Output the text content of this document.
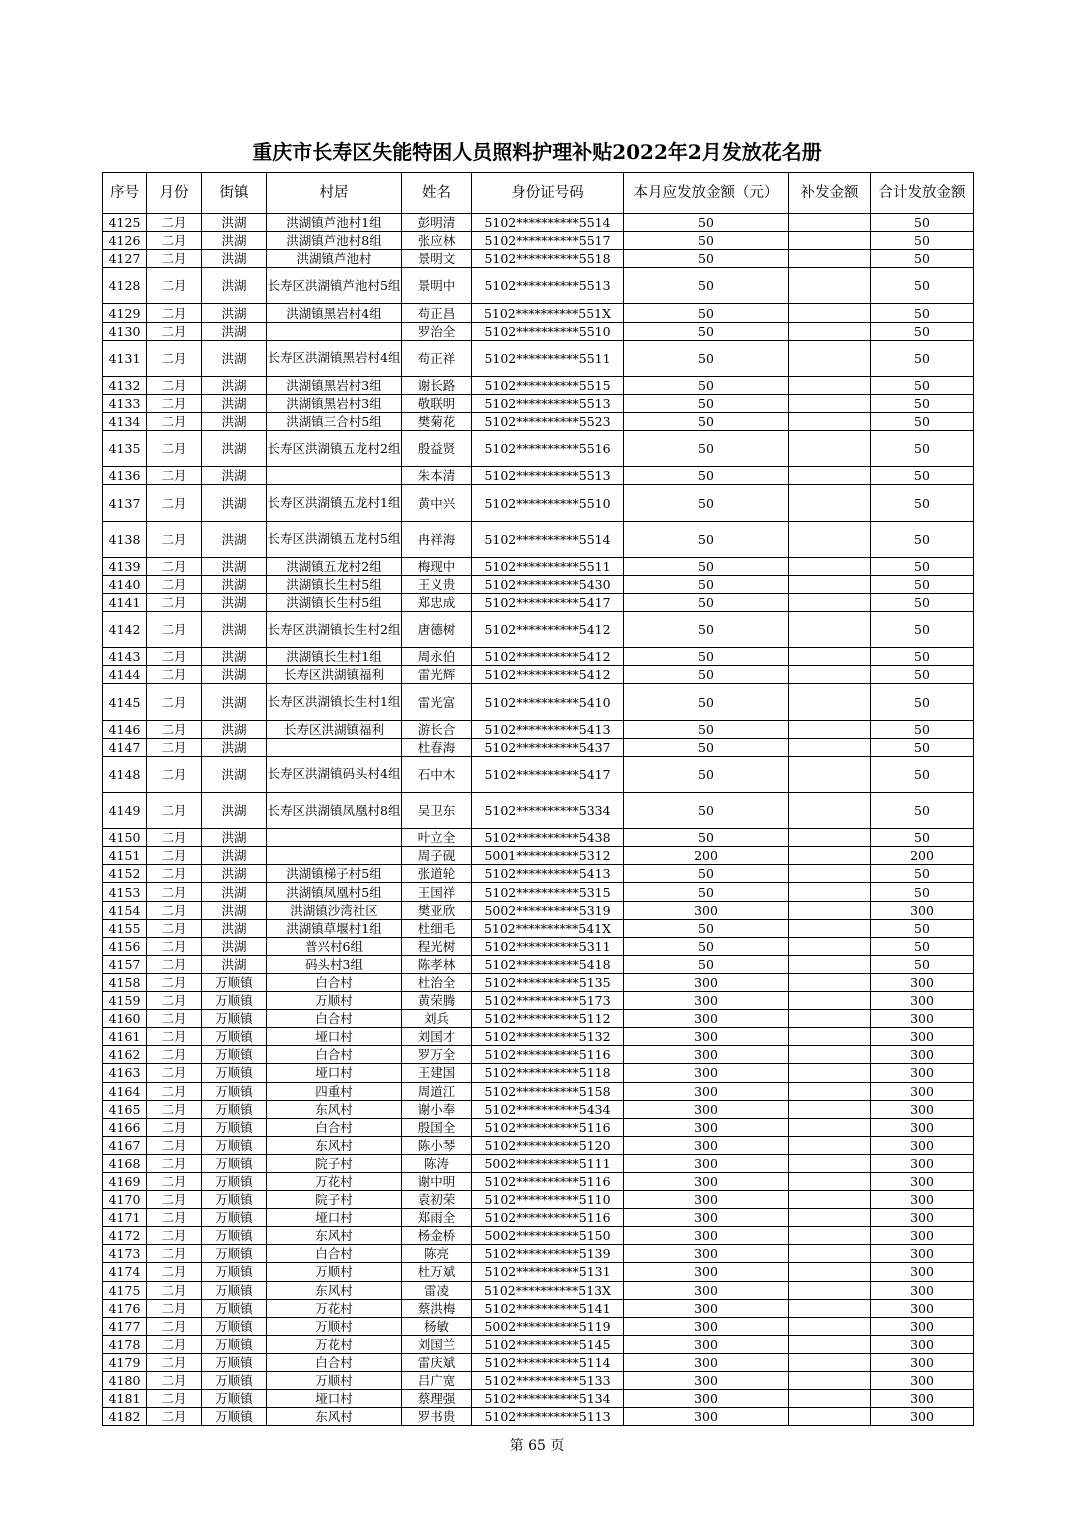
重庆市长寿区失能特困人员照料护理补贴2022年2月发放花名册
序号	月份	街镇	村居	姓名	身份证号码	本月应发放金额（元）	补发金额	合计发放金额
4125	二月	洪湖	洪湖镇芦池村1组	彭明清	5102**********5514	50		50
4126	二月	洪湖	洪湖镇芦池村8组	张应林	5102**********5517	50		50
4127	二月	洪湖	洪湖镇芦池村	景明文	5102**********5518	50		50
4128	二月	洪湖	长寿区洪湖镇芦池村5组	景明中	5102**********5513	50		50
4129	二月	洪湖	洪湖镇黑岩村4组	苟正昌	5102**********551X	50		50
4130	二月	洪湖		罗治全	5102**********5510	50		50
4131	二月	洪湖	长寿区洪湖镇黑岩村4组	苟正祥	5102**********5511	50		50
4132	二月	洪湖	洪湖镇黑岩村3组	谢长路	5102**********5515	50		50
4133	二月	洪湖	洪湖镇黑岩村3组	敬联明	5102**********5513	50		50
4134	二月	洪湖	洪湖镇三合村5组	樊菊花	5102**********5523	50		50
4135	二月	洪湖	长寿区洪湖镇五龙村2组	殷益贤	5102**********5516	50		50
4136	二月	洪湖		朱本清	5102**********5513	50		50
4137	二月	洪湖	长寿区洪湖镇五龙村1组	黄中兴	5102**********5510	50		50
4138	二月	洪湖	长寿区洪湖镇五龙村5组	冉祥海	5102**********5514	50		50
4139	二月	洪湖	洪湖镇五龙村2组	梅现中	5102**********5511	50		50
4140	二月	洪湖	洪湖镇长生村5组	王义贵	5102**********5430	50		50
4141	二月	洪湖	洪湖镇长生村5组	郑忠成	5102**********5417	50		50
4142	二月	洪湖	长寿区洪湖镇长生村2组	唐德树	5102**********5412	50		50
4143	二月	洪湖	洪湖镇长生村1组	周永伯	5102**********5412	50		50
4144	二月	洪湖	长寿区洪湖镇福利	雷光辉	5102**********5412	50		50
4145	二月	洪湖	长寿区洪湖镇长生村1组	雷光富	5102**********5410	50		50
4146	二月	洪湖	长寿区洪湖镇福利	游长合	5102**********5413	50		50
4147	二月	洪湖		杜春海	5102**********5437	50		50
4148	二月	洪湖	长寿区洪湖镇码头村4组	石中木	5102**********5417	50		50
4149	二月	洪湖	长寿区洪湖镇凤凰村8组	吴卫东	5102**********5334	50		50
4150	二月	洪湖		叶立全	5102**********5438	50		50
4151	二月	洪湖		周子砚	5001**********5312	200		200
4152	二月	洪湖	洪湖镇梯子村5组	张道轮	5102**********5413	50		50
4153	二月	洪湖	洪湖镇凤凰村5组	王国祥	5102**********5315	50		50
4154	二月	洪湖	洪湖镇沙湾社区	樊亚欣	5002**********5319	300		300
4155	二月	洪湖	洪湖镇草堰村1组	杜细毛	5102**********541X	50		50
4156	二月	洪湖	普兴村6组	程光树	5102**********5311	50		50
4157	二月	洪湖	码头村3组	陈孝林	5102**********5418	50		50
4158	二月	万顺镇	白合村	杜治全	5102**********5135	300		300
4159	二月	万顺镇	万顺村	黄荣腾	5102**********5173	300		300
4160	二月	万顺镇	白合村	刘兵	5102**********5112	300		300
4161	二月	万顺镇	垭口村	刘国才	5102**********5132	300		300
4162	二月	万顺镇	白合村	罗万全	5102**********5116	300		300
4163	二月	万顺镇	垭口村	王建国	5102**********5118	300		300
4164	二月	万顺镇	四重村	周道江	5102**********5158	300		300
4165	二月	万顺镇	东风村	谢小奉	5102**********5434	300		300
4166	二月	万顺镇	白合村	殷国全	5102**********5116	300		300
4167	二月	万顺镇	东风村	陈小琴	5102**********5120	300		300
4168	二月	万顺镇	院子村	陈涛	5002**********5111	300		300
4169	二月	万顺镇	万花村	谢中明	5102**********5116	300		300
4170	二月	万顺镇	院子村	袁初荣	5102**********5110	300		300
4171	二月	万顺镇	垭口村	郑雨全	5102**********5116	300		300
4172	二月	万顺镇	东风村	杨金桥	5002**********5150	300		300
4173	二月	万顺镇	白合村	陈亮	5102**********5139	300		300
4174	二月	万顺镇	万顺村	杜万斌	5102**********5131	300		300
4175	二月	万顺镇	东风村	雷凌	5102**********513X	300		300
4176	二月	万顺镇	万花村	蔡洪梅	5102**********5141	300		300
4177	二月	万顺镇	万顺村	杨敏	5002**********5119	300		300
4178	二月	万顺镇	万花村	刘国兰	5102**********5145	300		300
4179	二月	万顺镇	白合村	雷庆斌	5102**********5114	300		300
4180	二月	万顺镇	万顺村	吕广宽	5102**********5133	300		300
4181	二月	万顺镇	垭口村	蔡理强	5102**********5134	300		300
4182	二月	万顺镇	东风村	罗书贵	5102**********5113	300		300
第 65 页
